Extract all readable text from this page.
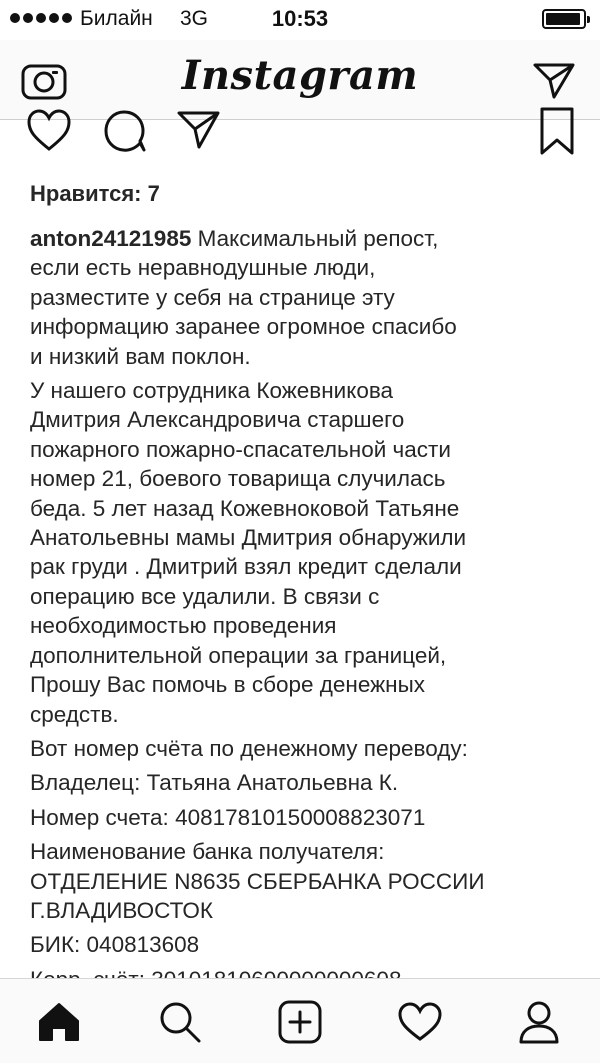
Билайн 3G	10:53
Instagram
Нравится: 7
anton24121985 Максимальный репост,
если есть неравнодушные люди,
разместите у себя на странице эту
информацию заранее огромное спасибо
и низкий вам поклон.
У нашего сотрудника Кожевникова
Дмитрия Александровича старшего
пожарного пожарно-спасательной части
номер 21, боевого товарища случилась
беда. 5 лет назад Кожевноковой Татьяне
Анатольевны мамы Дмитрия обнаружили
рак груди . Дмитрий взял кредит сделали
операцию все удалили. В связи с
необходимостью проведения
дополнительной операции за границей,
Прошу Вас помочь в сборе денежных
средств.
Вот номер счёта по денежному переводу:
Владелец: Татьяна Анатольевна К.
Номер счета: 40817810150008823071
Наименование банка получателя:
ОТДЕЛЕНИЕ N8635 СБЕРБАНКА РОССИИ
Г.ВЛАДИВОСТОК
БИК: 040813608
